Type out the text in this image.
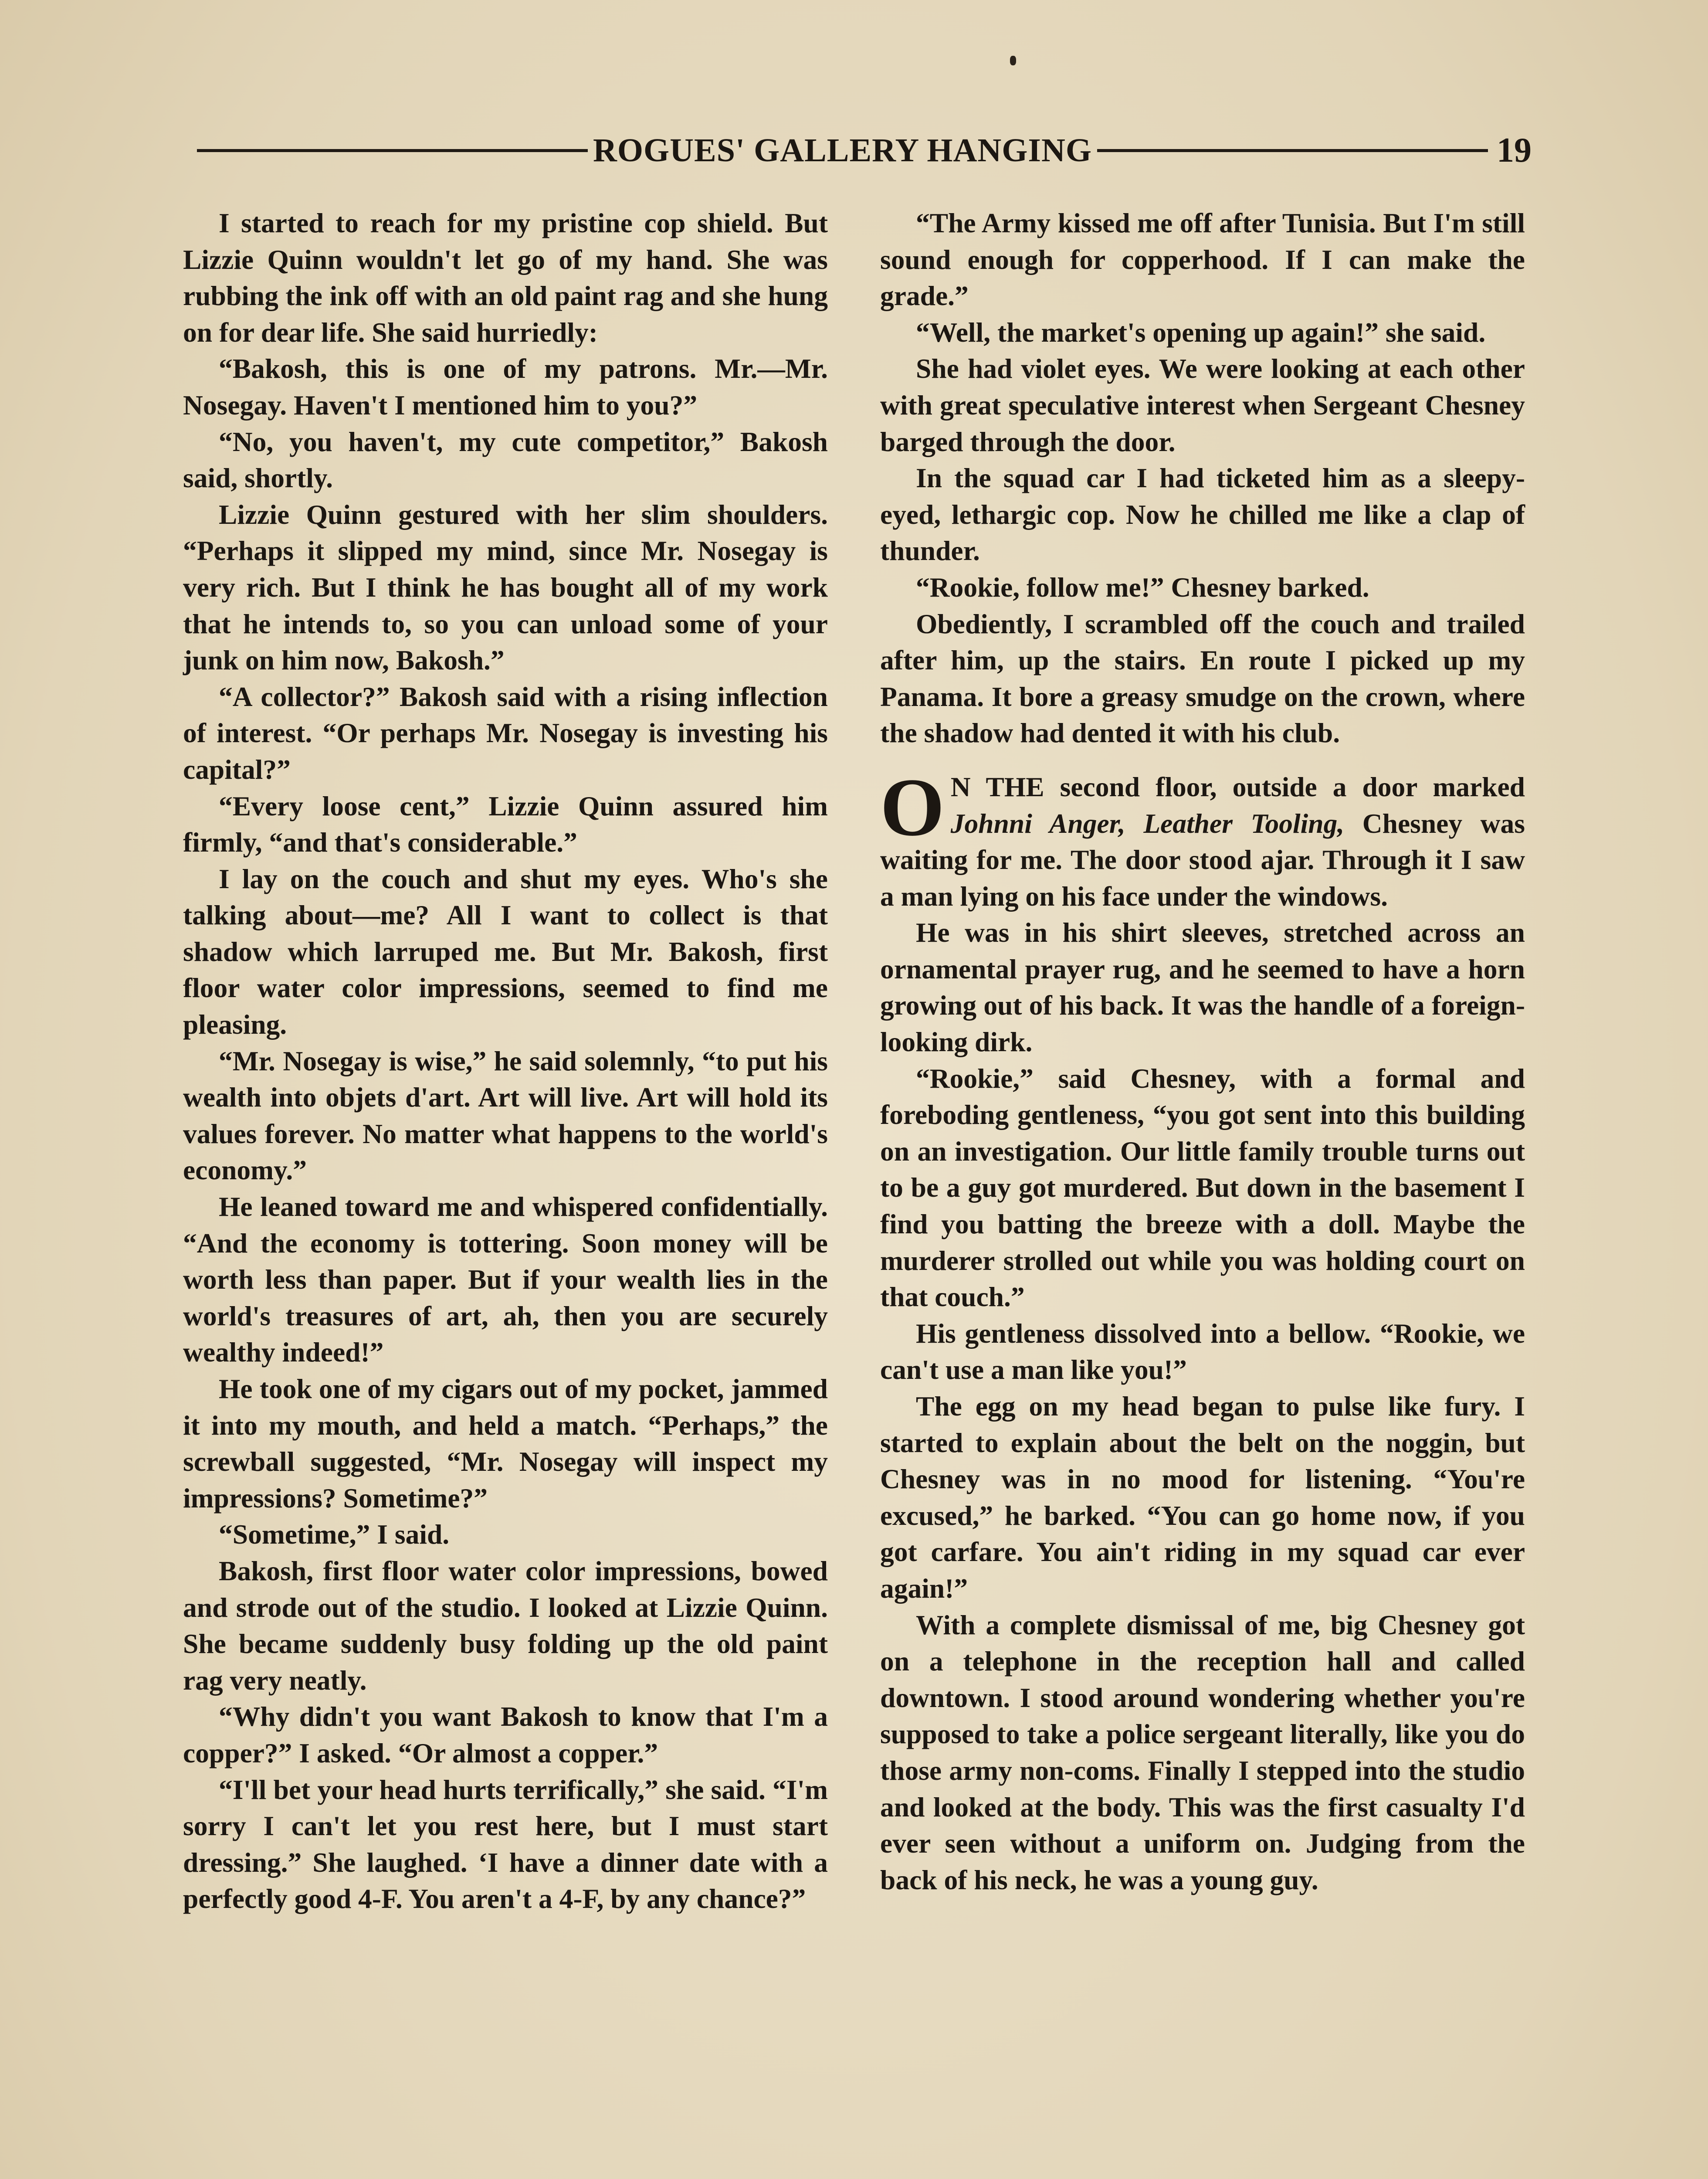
ROGUES' GALLERY HANGING	19

I started to reach for my pristine cop shield. But Lizzie Quinn wouldn't let go of my hand. She was rubbing the ink off with an old paint rag and she hung on for dear life. She said hurriedly:

“Bakosh, this is one of my patrons. Mr.—Mr. Nosegay. Haven't I mentioned him to you?”

“No, you haven't, my cute competitor,” Bakosh said, shortly.

Lizzie Quinn gestured with her slim shoulders. “Perhaps it slipped my mind, since Mr. Nosegay is very rich. But I think he has bought all of my work that he intends to, so you can unload some of your junk on him now, Bakosh.”

“A collector?” Bakosh said with a rising inflection of interest. “Or perhaps Mr. Nosegay is investing his capital?”

“Every loose cent,” Lizzie Quinn assured him firmly, “and that's considerable.”

I lay on the couch and shut my eyes. Who's she talking about—me? All I want to collect is that shadow which larruped me. But Mr. Bakosh, first floor water color impressions, seemed to find me pleasing.

“Mr. Nosegay is wise,” he said solemnly, “to put his wealth into objets d'art. Art will live. Art will hold its values forever. No matter what happens to the world's economy.”

He leaned toward me and whispered confidentially. “And the economy is tottering. Soon money will be worth less than paper. But if your wealth lies in the world's treasures of art, ah, then you are securely wealthy indeed!”

He took one of my cigars out of my pocket, jammed it into my mouth, and held a match. “Perhaps,” the screwball suggested, “Mr. Nosegay will inspect my impressions? Sometime?”

“Sometime,” I said.

Bakosh, first floor water color impressions, bowed and strode out of the studio. I looked at Lizzie Quinn. She became suddenly busy folding up the old paint rag very neatly.

“Why didn't you want Bakosh to know that I'm a copper?” I asked. “Or almost a copper.”

“I'll bet your head hurts terrifically,” she said. “I'm sorry I can't let you rest here, but I must start dressing.” She laughed. ‘I have a dinner date with a perfectly good 4-F. You aren't a 4-F, by any chance?”

“The Army kissed me off after Tunisia. But I'm still sound enough for copperhood. If I can make the grade.”

“Well, the market's opening up again!” she said.

She had violet eyes. We were looking at each other with great speculative interest when Sergeant Chesney barged through the door.

In the squad car I had ticketed him as a sleepy-eyed, lethargic cop. Now he chilled me like a clap of thunder.

“Rookie, follow me!” Chesney barked.

Obediently, I scrambled off the couch and trailed after him, up the stairs. En route I picked up my Panama. It bore a greasy smudge on the crown, where the shadow had dented it with his club.

O N THE second floor, outside a door marked Johnni Anger, Leather Tooling, Chesney was waiting for me. The door stood ajar. Through it I saw a man lying on his face under the windows.

He was in his shirt sleeves, stretched across an ornamental prayer rug, and he seemed to have a horn growing out of his back. It was the handle of a foreign-looking dirk.

“Rookie,” said Chesney, with a formal and foreboding gentleness, “you got sent into this building on an investigation. Our little family trouble turns out to be a guy got murdered. But down in the basement I find you batting the breeze with a doll. Maybe the murderer strolled out while you was holding court on that couch.”

His gentleness dissolved into a bellow. “Rookie, we can't use a man like you!”

The egg on my head began to pulse like fury. I started to explain about the belt on the noggin, but Chesney was in no mood for listening. “You're excused,” he barked. “You can go home now, if you got carfare. You ain't riding in my squad car ever again!”

With a complete dismissal of me, big Chesney got on a telephone in the reception hall and called downtown. I stood around wondering whether you're supposed to take a police sergeant literally, like you do those army non-coms. Finally I stepped into the studio and looked at the body. This was the first casualty I'd ever seen without a uniform on. Judging from the back of his neck, he was a young guy.
